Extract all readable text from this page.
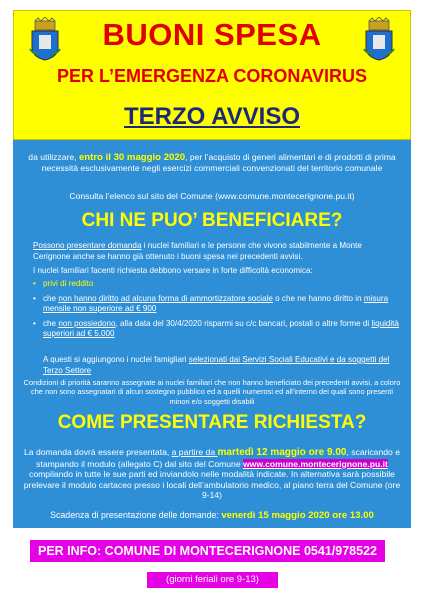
BUONI SPESA
PER L’EMERGENZA CORONAVIRUS
TERZO AVVISO
da utilizzare, entro il 30 maggio 2020, per l’acquisto di generi alimentari e di prodotti di prima necessità esclusivamente negli esercizi commerciali convenzionati del territorio comunale
Consulta l’elenco sul sito del Comune (www.comune.montecerignone.pu.it)
CHI NE PUO’ BENEFICIARE?
Possono presentare domanda i nuclei familiari e le persone che vivono stabilmente a Monte Cerignone anche se hanno già ottenuto i buoni spesa nei precedenti avvisi.
I nuclei familiari facenti richiesta debbono versare in forte difficoltà economica:
• privi di reddito
• che non hanno diritto ad alcuna forma di ammortizzatore sociale o che ne hanno diritto in misura mensile non superiore ad € 900
• che non possiedono, alla data del 30/4/2020 risparmi su c/c bancari, postali o altre forme di liquidità superiori ad € 5.000
A questi si aggiungono i nuclei famigliari selezionati dai Servizi Sociali Educativi e da soggetti del Terzo Settore
Condizioni di priorità saranno assegnate ai nuclei familiari che non hanno beneficiato dei precedenti avvisi, a coloro che non sono assegnatari di alcun sostegno pubblico ed a quelli numerosi ed all’interno dei quali sono presenti minori e/o soggetti disabili
COME PRESENTARE RICHIESTA?
La domanda dovrà essere presentata, a partire da martedì 12 maggio ore 9.00, scaricando e stampando il modulo (allegato C) dal sito del Comune www.comune.montecerignone.pu.it compilando in tutte le sue parti ed inviandolo nelle modalità indicate. In alternativa sarà possibile prelevare il modulo cartaceo presso i locali dell’ambulatorio medico, al piano terra del Comune (ore 9-14)
Scadenza di presentazione delle domande: venerdì 15 maggio 2020 ore 13.00
PER INFO: COMUNE DI MONTECERIGNONE 0541/978522
(giorni feriali ore 9-13)
